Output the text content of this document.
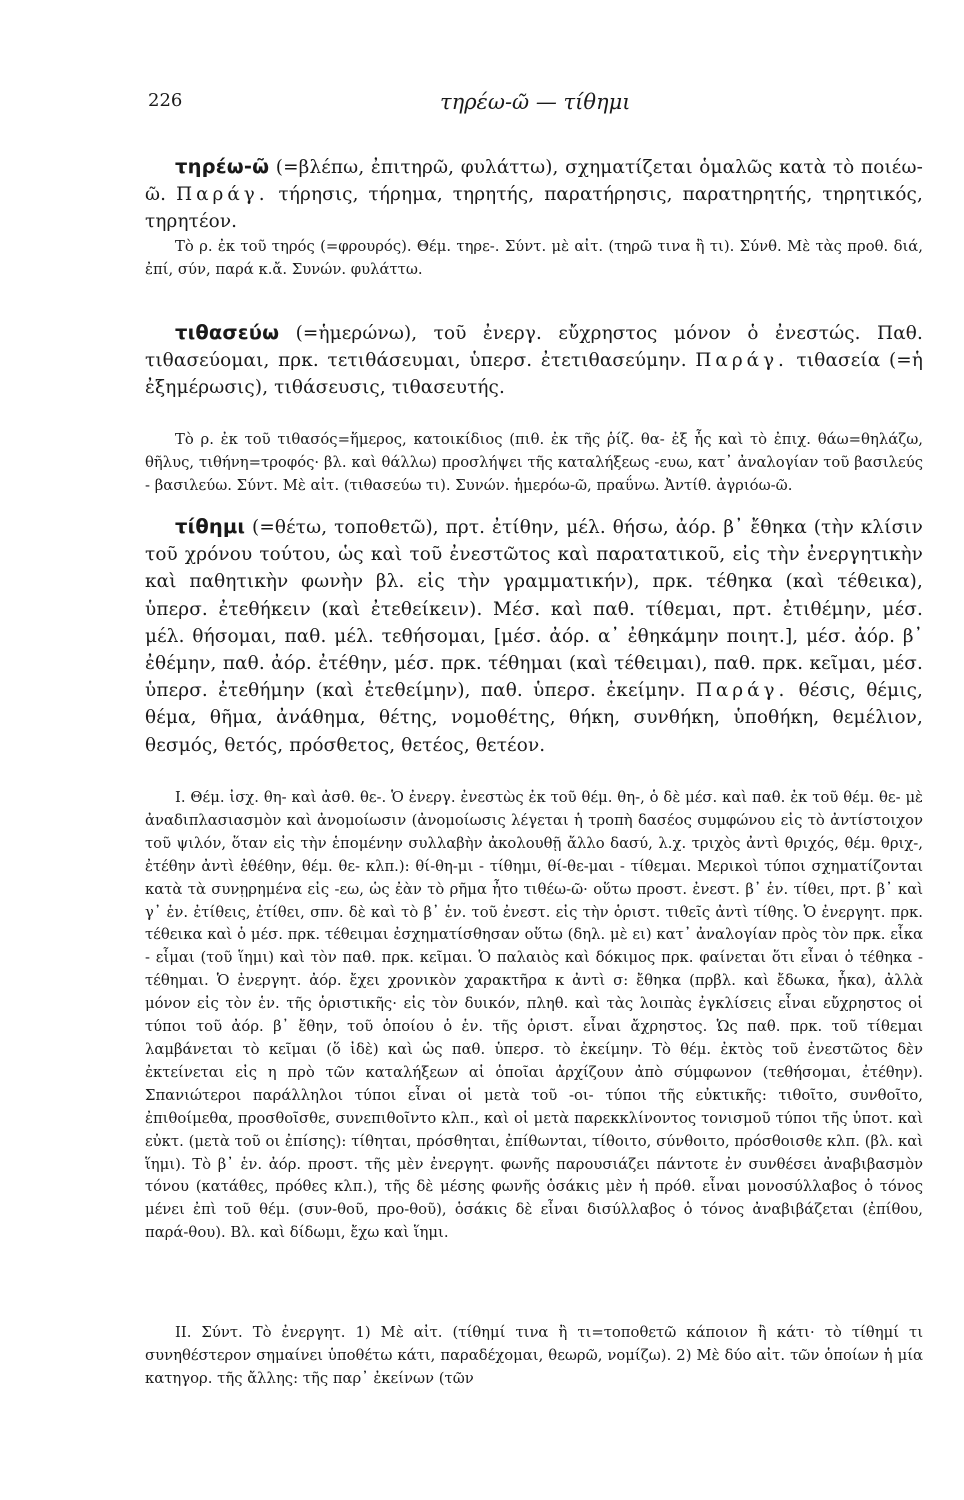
226	τηρέω-ῶ — τίθημι
τηρέω-ῶ (=βλέπω, ἐπιτηρῶ, φυλάττω), σχηματίζεται ὁμαλῶς κατὰ τὸ ποιέω-ῶ. Παράγ. τήρησις, τήρημα, τηρητής, παρατήρησις, παρατηρητής, τηρητικός, τηρητέον.
Τὸ ρ. ἐκ τοῦ τηρός (=φρουρός). Θέμ. τηρε-. Σύντ. μὲ αἰτ. (τηρῶ τινα ἢ τι). Σύνθ. Μὲ τὰς προθ. διά, ἐπί, σύν, παρά κ.ἄ. Συνών. φυλάττω.
τιθασεύω (=ἡμερώνω), τοῦ ἐνεργ. εὔχρηστος μόνον ὁ ἐνεστώς. Παθ. τιθασεύομαι, πρκ. τετιθάσευμαι, ὑπερσ. ἐτετιθασεύμην. Παράγ. τιθασεία (=ἡ ἐξημέρωσις), τιθάσευσις, τιθασευτής.
Τὸ ρ. ἐκ τοῦ τιθασός=ἥμερος, κατοικίδιος (πιθ. ἐκ τῆς ῥίζ. θα- ἐξ ἧς καὶ τὸ ἐπιχ. θάω=θηλάζω, θῆλυς, τιθήνη=τροφός· βλ. καὶ θάλλω) προσλήψει τῆς καταλήξεως -ευω, κατ᾽ ἀναλογίαν τοῦ βασιλεύς - βασιλεύω. Σύντ. Μὲ αἰτ. (τιθασεύω τι). Συνών. ἡμερόω-ῶ, πραΰνω. Ἀντίθ. ἀγριόω-ῶ.
τίθημι (=θέτω, τοποθετῶ), πρτ. ἐτίθην, μέλ. θήσω, ἀόρ. β᾽ ἔθηκα (τὴν κλίσιν τοῦ χρόνου τούτου, ὡς καὶ τοῦ ἐνεστῶτος καὶ παρατατικοῦ, εἰς τὴν ἐνεργητικὴν καὶ παθητικὴν φωνὴν βλ. εἰς τὴν γραμματικήν), πρκ. τέθηκα (καὶ τέθεικα), ὑπερσ. ἐτεθήκειν (καὶ ἐτεθείκειν). Μέσ. καὶ παθ. τίθεμαι, πρτ. ἐτιθέμην, μέσ. μέλ. θήσομαι, παθ. μέλ. τεθήσομαι, [μέσ. ἀόρ. α᾽ ἐθηκάμην ποιητ.], μέσ. ἀόρ. β᾽ ἐθέμην, παθ. ἀόρ. ἐτέθην, μέσ. πρκ. τέθημαι (καὶ τέθειμαι), παθ. πρκ. κεῖμαι, μέσ. ὑπερσ. ἐτεθήμην (καὶ ἐτεθείμην), παθ. ὑπερσ. ἐκείμην. Παράγ. θέσις, θέμις, θέμα, θῆμα, ἀνάθημα, θέτης, νομοθέτης, θήκη, συνθήκη, ὑποθήκη, θεμέλιον, θεσμός, θετός, πρόσθετος, θετέος, θετέον.
Ι. Θέμ. ἰσχ. θη- καὶ ἀσθ. θε-. Ὁ ἐνεργ. ἐνεστὼς ἐκ τοῦ θέμ. θη-, ὁ δὲ μέσ. καὶ παθ. ἐκ τοῦ θέμ. θε- μὲ ἀναδιπλασιασμὸν καὶ ἀνομοίωσιν (ἀνομοίωσις λέγεται ἡ τροπὴ δασέος συμφώνου εἰς τὸ ἀντίστοιχον τοῦ ψιλόν, ὅταν εἰς τὴν ἑπομένην συλλαβὴν ἀκολουθῇ ἄλλο δασύ, λ.χ. τριχὸς ἀντὶ θριχός, θέμ. θριχ-, ἐτέθην ἀντὶ ἐθέθην, θέμ. θε- κλπ.): θί-θη-μι - τίθημι, θί-θε-μαι - τίθεμαι. Μερικοὶ τύποι σχηματίζονται κατὰ τὰ συνῃρημένα εἰς -εω, ὡς ἐὰν τὸ ρῆμα ἦτο τιθέω-ῶ· οὕτω προστ. ἐνεστ. β᾽ ἑν. τίθει, πρτ. β᾽ καὶ γ᾽ ἑν. ἐτίθεις, ἐτίθει, σπν. δὲ καὶ τὸ β᾽ ἑν. τοῦ ἐνεστ. εἰς τὴν ὁριστ. τιθεῖς ἀντὶ τίθης. Ὁ ἐνεργητ. πρκ. τέθεικα καὶ ὁ μέσ. πρκ. τέθειμαι ἐσχηματίσθησαν οὕτω (δηλ. μὲ ει) κατ᾽ ἀναλογίαν πρὸς τὸν πρκ. εἷκα - εἷμαι (τοῦ ἵημι) καὶ τὸν παθ. πρκ. κεῖμαι. Ὁ παλαιὸς καὶ δόκιμος πρκ. φαίνεται ὅτι εἶναι ὁ τέθηκα - τέθημαι. Ὁ ἐνεργητ. ἀόρ. ἔχει χρονικὸν χαρακτῆρα κ ἀντὶ σ: ἔθηκα (πρβλ. καὶ ἔδωκα, ἧκα), ἀλλὰ μόνον εἰς τὸν ἑν. τῆς ὁριστικῆς· εἰς τὸν δυικόν, πληθ. καὶ τὰς λοιπὰς ἐγκλίσεις εἶναι εὔχρηστος οἱ τύποι τοῦ ἀόρ. β᾽ ἔθην, τοῦ ὁποίου ὁ ἑν. τῆς ὁριστ. εἶναι ἄχρηστος. Ὡς παθ. πρκ. τοῦ τίθεμαι λαμβάνεται τὸ κεῖμαι (ὅ ἰδὲ) καὶ ὡς παθ. ὑπερσ. τὸ ἐκείμην. Τὸ θέμ. ἐκτὸς τοῦ ἐνεστῶτος δὲν ἐκτείνεται εἰς η πρὸ τῶν καταλήξεων αἱ ὁποῖαι ἀρχίζουν ἀπὸ σύμφωνον (τεθήσομαι, ἐτέθην). Σπανιώτεροι παράλληλοι τύποι εἶναι οἱ μετὰ τοῦ -οι- τύποι τῆς εὐκτικῆς: τιθοῖτο, συνθοῖτο, ἐπιθοίμεθα, προσθοῖσθε, συνεπιθοῖντο κλπ., καὶ οἱ μετὰ παρεκκλίνοντος τονισμοῦ τύποι τῆς ὑποτ. καὶ εὐκτ. (μετὰ τοῦ οι ἐπίσης): τίθηται, πρόσθηται, ἐπίθωνται, τίθοιτο, σύνθοιτο, πρόσθοισθε κλπ. (βλ. καὶ ἵημι). Τὸ β᾽ ἑν. ἀόρ. προστ. τῆς μὲν ἐνεργητ. φωνῆς παρουσιάζει πάντοτε ἐν συνθέσει ἀναβιβασμὸν τόνου (κατάθες, πρόθες κλπ.), τῆς δὲ μέσης φωνῆς ὁσάκις μὲν ἡ πρόθ. εἶναι μονοσύλλαβος ὁ τόνος μένει ἐπὶ τοῦ θέμ. (συν-θοῦ, προ-θοῦ), ὁσάκις δὲ εἶναι δισύλλαβος ὁ τόνος ἀναβιβάζεται (ἐπίθου, παρά-θου). Βλ. καὶ δίδωμι, ἔχω καὶ ἵημι.
ΙΙ. Σύντ. Τὸ ἐνεργητ. 1) Μὲ αἰτ. (τίθημί τινα ἢ τι=τοποθετῶ κάποιον ἢ κάτι· τὸ τίθημί τι συνηθέστερον σημαίνει ὑποθέτω κάτι, παραδέχομαι, θεωρῶ, νομίζω). 2) Μὲ δύο αἰτ. τῶν ὁποίων ἡ μία κατηγορ. τῆς ἄλλης: τῆς παρ᾽ ἐκείνων (τῶν
